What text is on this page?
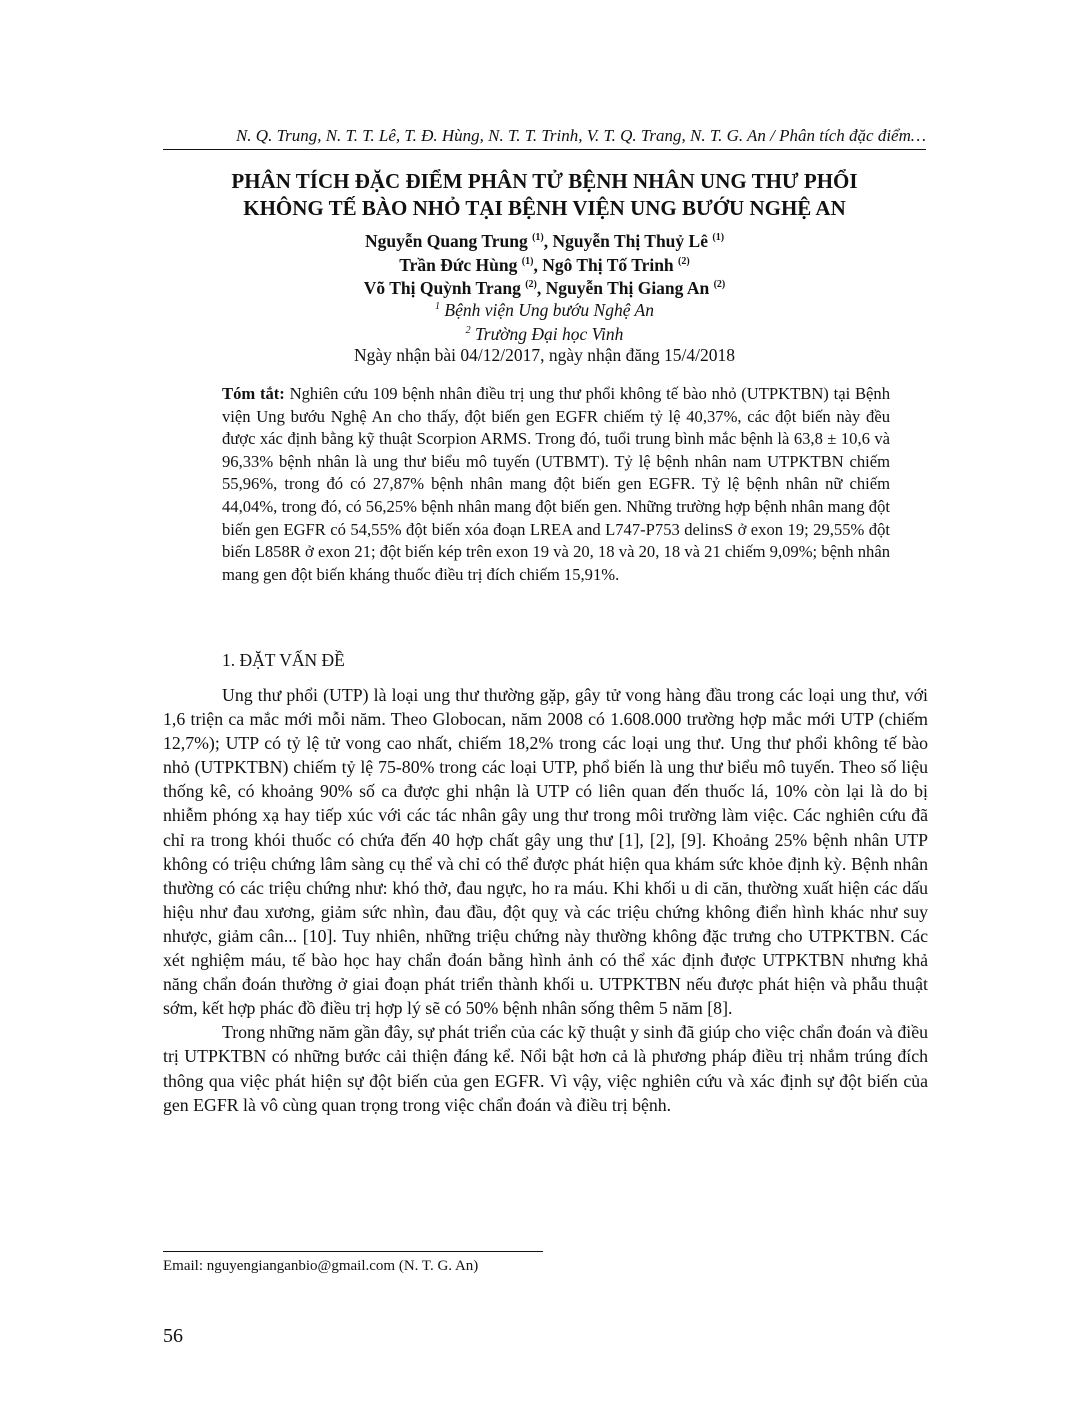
N. Q. Trung, N. T. T. Lê, T. Đ. Hùng, N. T. T. Trinh, V. T. Q. Trang, N. T. G. An / Phân tích đặc điểm…
PHÂN TÍCH ĐẶC ĐIỂM PHÂN TỬ BỆNH NHÂN UNG THƯ PHỔI
KHÔNG TẾ BÀO NHỎ TẠI BỆNH VIỆN UNG BƯỚU NGHỆ AN
Nguyễn Quang Trung $^{(1)}$, Nguyễn Thị Thuỷ Lê $^{(1)}$
Trần Đức Hùng $^{(1)}$, Ngô Thị Tố Trinh $^{(2)}$
Võ Thị Quỳnh Trang $^{(2)}$, Nguyễn Thị Giang An $^{(2)}$
$^1$ Bệnh viện Ung bướu Nghệ An
$^2$ Trường Đại học Vinh
Ngày nhận bài 04/12/2017, ngày nhận đăng 15/4/2018
Tóm tắt: Nghiên cứu 109 bệnh nhân điều trị ung thư phổi không tế bào nhỏ (UTPKTBN) tại Bệnh viện Ung bướu Nghệ An cho thấy, đột biến gen EGFR chiếm tỷ lệ 40,37%, các đột biến này đều được xác định bằng kỹ thuật Scorpion ARMS. Trong đó, tuổi trung bình mắc bệnh là 63,8 ± 10,6 và 96,33% bệnh nhân là ung thư biểu mô tuyến (UTBMT). Tỷ lệ bệnh nhân nam UTPKTBN chiếm 55,96%, trong đó có 27,87% bệnh nhân mang đột biến gen EGFR. Tỷ lệ bệnh nhân nữ chiếm 44,04%, trong đó, có 56,25% bệnh nhân mang đột biến gen. Những trường hợp bệnh nhân mang đột biến gen EGFR có 54,55% đột biến xóa đoạn LREA and L747-P753 delinsS ở exon 19; 29,55% đột biến L858R ở exon 21; đột biến kép trên exon 19 và 20, 18 và 20, 18 và 21 chiếm 9,09%; bệnh nhân mang gen đột biến kháng thuốc điều trị đích chiếm 15,91%.
1. ĐẶT VẤN ĐỀ

Ung thư phổi (UTP) là loại ung thư thường gặp, gây tử vong hàng đầu trong các loại ung thư, với 1,6 triện ca mắc mới mỗi năm. Theo Globocan, năm 2008 có 1.608.000 trường hợp mắc mới UTP (chiếm 12,7%); UTP có tỷ lệ tử vong cao nhất, chiếm 18,2% trong các loại ung thư. Ung thư phổi không tế bào nhỏ (UTPKTBN) chiếm tỷ lệ 75-80% trong các loại UTP, phổ biến là ung thư biểu mô tuyến. Theo số liệu thống kê, có khoảng 90% số ca được ghi nhận là UTP có liên quan đến thuốc lá, 10% còn lại là do bị nhiễm phóng xạ hay tiếp xúc với các tác nhân gây ung thư trong môi trường làm việc. Các nghiên cứu đã chỉ ra trong khói thuốc có chứa đến 40 hợp chất gây ung thư [1], [2], [9]. Khoảng 25% bệnh nhân UTP không có triệu chứng lâm sàng cụ thể và chỉ có thể được phát hiện qua khám sức khỏe định kỳ. Bệnh nhân thường có các triệu chứng như: khó thở, đau ngực, ho ra máu. Khi khối u di căn, thường xuất hiện các dấu hiệu như đau xương, giảm sức nhìn, đau đầu, đột quỵ và các triệu chứng không điển hình khác như suy nhược, giảm cân... [10]. Tuy nhiên, những triệu chứng này thường không đặc trưng cho UTPKTBN. Các xét nghiệm máu, tế bào học hay chẩn đoán bằng hình ảnh có thể xác định được UTPKTBN nhưng khả năng chẩn đoán thường ở giai đoạn phát triển thành khối u. UTPKTBN nếu được phát hiện và phẫu thuật sớm, kết hợp phác đồ điều trị hợp lý sẽ có 50% bệnh nhân sống thêm 5 năm [8].

Trong những năm gần đây, sự phát triển của các kỹ thuật y sinh đã giúp cho việc chẩn đoán và điều trị UTPKTBN có những bước cải thiện đáng kể. Nổi bật hơn cả là phương pháp điều trị nhắm trúng đích thông qua việc phát hiện sự đột biến của gen EGFR. Vì vậy, việc nghiên cứu và xác định sự đột biến của gen EGFR là vô cùng quan trọng trong việc chẩn đoán và điều trị bệnh.

Email: nguyengianganbio@gmail.com (N. T. G. An)
56
